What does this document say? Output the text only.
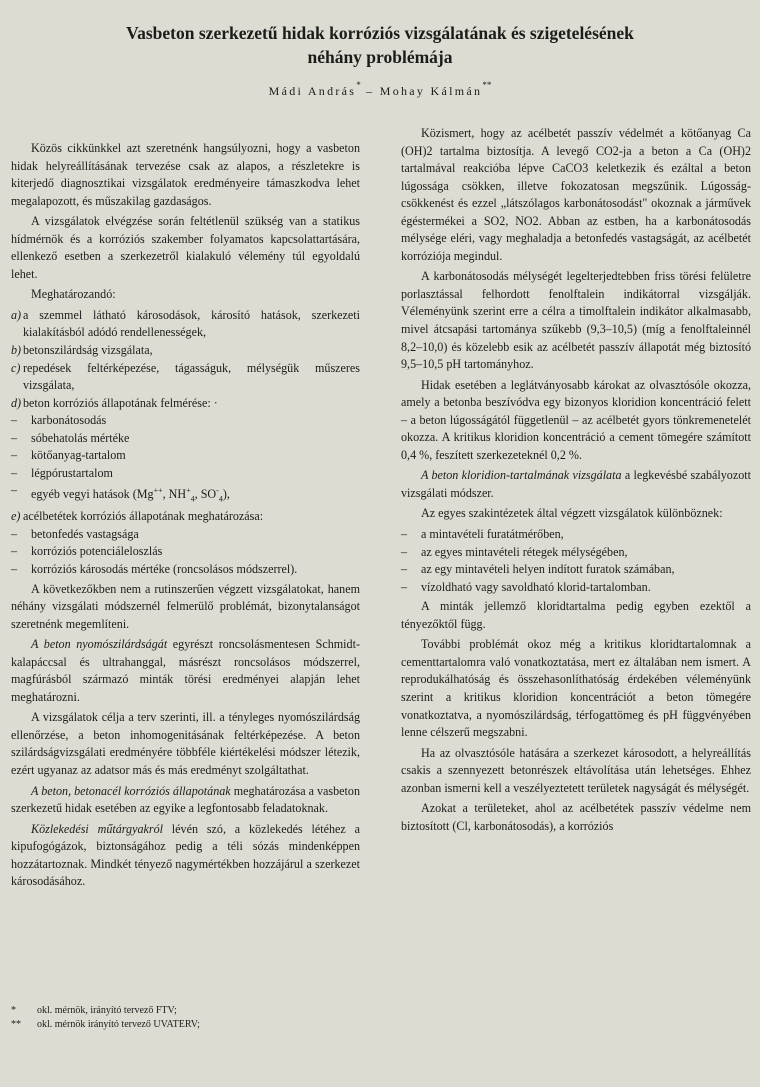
Vasbeton szerkezetű hidak korróziós vizsgálatának és szigetelésének
néhány problémája
Mádi András* – Mohay Kálmán**

Közös cikkünkkel azt szeretnénk hangsúlyozni, hogy a vasbeton hidak helyreállításának tervezése csak az alapos, a részletekre is kiterjedő diagnosztikai vizsgálatok eredményeire támaszkodva lehet megalapozott, és műszakilag gazdaságos.

A vizsgálatok elvégzése során feltétlenül szükség van a statikus hídmérnök és a korróziós szakember folyamatos kapcsolattartására, ellenkező esetben a szerkezetről kialakuló vélemény túl egyoldalú lehet.

Meghatározandó:

a) a szemmel látható károsodások, károsító hatások, szerkezeti kialakításból adódó rendellenességek,
b) betonszilárdság vizsgálata,
c) repedések feltérképezése, tágasságuk, mélységük műszeres vizsgálata,
d) beton korróziós állapotának felmérése: ·
–	karbonátosodás
–	sóbehatolás mértéke
–	kötőanyag-tartalom
–	légpórustartalom
–	egyéb vegyi hatások (Mg++, $NH^+_4$, $SO^-_4$),
e) acélbetétek korróziós állapotának meghatározása:
–	betonfedés vastagsága
–	korróziós potenciáleloszlás
–	korróziós károsodás mértéke (roncsolásos módszerrel).

A következőkben nem a rutinszerűen végzett vizsgálatokat, hanem néhány vizsgálati módszernél felmerülő problémát, bizonytalanságot szeretnénk megemlíteni.

A beton nyomószilárdságát egyrészt roncsolásmentesen Schmidt-kalapáccsal és ultrahanggal, másrészt roncsolásos módszerrel, magfúrásból származó minták törési eredményei alapján lehet meghatározni.

A vizsgálatok célja a terv szerinti, ill. a tényleges nyomószilárdság ellenőrzése, a beton inhomogenitásának feltérképezése. A beton szilárdságvizsgálati eredményére többféle kiértékelési módszer létezik, ezért ugyanaz az adatsor más és más eredményt szolgáltathat.

A beton, betonacél korróziós állapotának meghatározása a vasbeton szerkezetű hidak esetében az egyike a legfontosabb feladatoknak.

Közlekedési műtárgyakról lévén szó, a közlekedés létéhez a kipufogógázok, biztonságához pedig a téli sózás mindenképpen hozzátartoznak. Mindkét tényező nagymértékben hozzájárul a szerkezet károsodásához.

*	okl. mérnök, irányító tervező FTV;
**	okl. mérnök irányító tervező UVATERV;

Közismert, hogy az acélbetét passzív védelmét a kötőanyag Ca (OH)2 tartalma biztosítja. A levegő CO2-ja a beton a Ca (OH)2 tartalmával reakcióba lépve CaCO3 keletkezik és ezáltal a beton lúgossága csökken, illetve fokozatosan megszűnik. Lúgosság-csökkenést és ezzel „látszólagos karbonátosodást" okoznak a járművek égéstermékei a SO2, NO2. Abban az estben, ha a karbonátosodás mélysége eléri, vagy meghaladja a betonfedés vastagságát, az acélbetét korróziója megindul.

A karbonátosodás mélységét legelterjedtebben friss törési felületre porlasztással felhordott fenolftalein indikátorral vizsgálják. Véleményünk szerint erre a célra a timolftalein indikátor alkalmasabb, mivel átcsapási tartománya szűkebb (9,3–10,5) (míg a fenolftaleinnél 8,2–10,0) és közelebb esik az acélbetét passzív állapotát még biztosító 9,5–10,5 pH tartományhoz.

Hidak esetében a leglátványosabb károkat az olvasztósóle okozza, amely a betonba beszívódva egy bizonyos kloridion koncentráció felett – a beton lúgosságától függetlenül – az acélbetét gyors tönkremenetelét okozza. A kritikus kloridion koncentráció a cement tömegére számított 0,4 %, feszített szerkezeteknél 0,2 %.

A beton kloridion-tartalmának vizsgálata a legkevésbé szabályozott vizsgálati módszer.

Az egyes szakintézetek által végzett vizsgálatok különböznek:

–	a mintavételi furatátmérőben,
–	az egyes mintavételi rétegek mélységében,
–	az egy mintavételi helyen indított furatok számában,
–	vízoldható vagy savoldható klorid-tartalomban.

A minták jellemző kloridtartalma pedig egyben ezektől a tényezőktől függ.

További problémát okoz még a kritikus kloridtartalomnak a cementtartalomra való vonatkoztatása, mert ez általában nem ismert. A reprodukálhatóság és összehasonlíthatóság érdekében véleményünk szerint a kritikus kloridion koncentrációt a beton tömegére vonatkoztatva, a nyomószilárdság, térfogattömeg és pH függvényében lenne célszerű megszabni.

Ha az olvasztósóle hatására a szerkezet károsodott, a helyreállítás csakis a szennyezett betonrészek eltávolítása után lehetséges. Ehhez azonban ismerni kell a veszélyeztetett területek nagyságát és mélységét.

Azokat a területeket, ahol az acélbetétek passzív védelme nem biztosított (Cl, karbonátosodás), a korróziós
